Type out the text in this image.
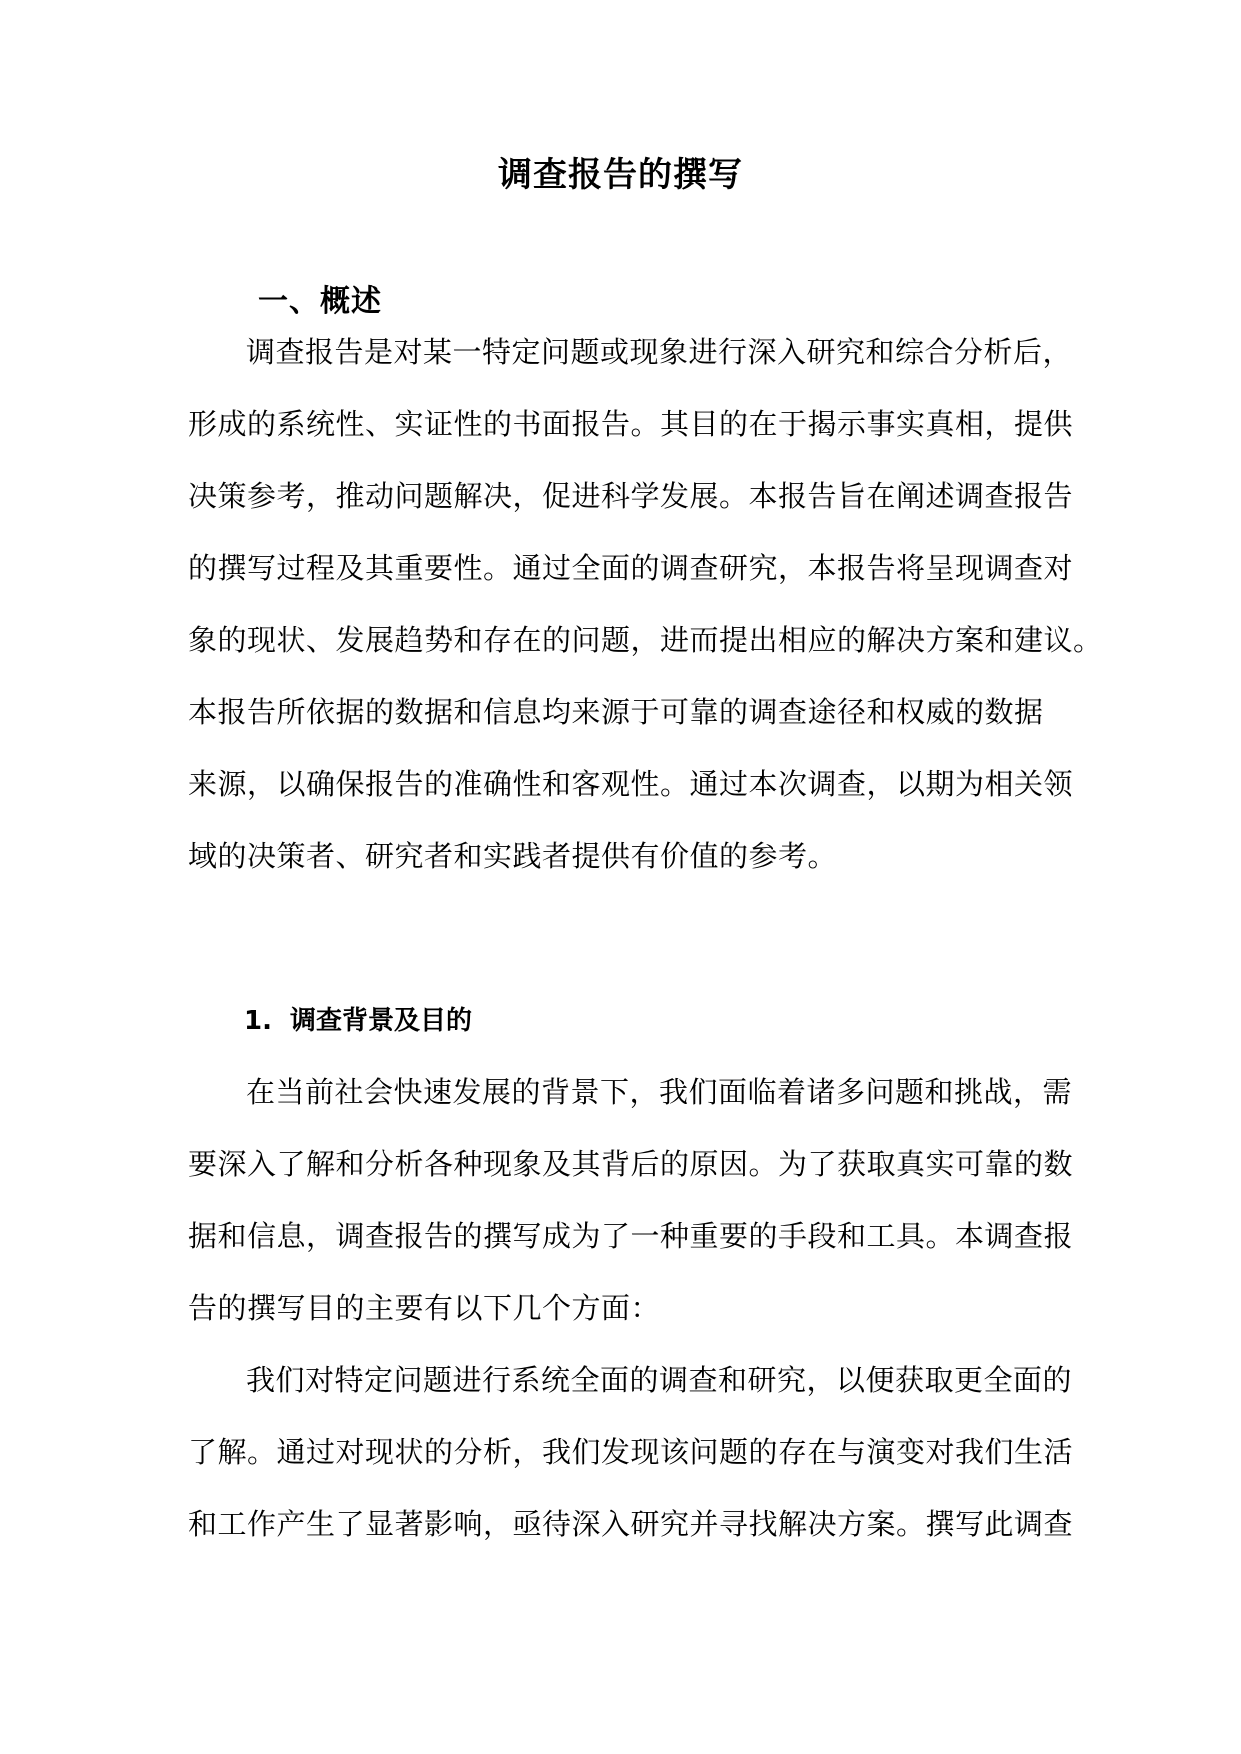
调查报告的撰写
一、概述
调查报告是对某一特定问题或现象进行深入研究和综合分析后，
形成的系统性、实证性的书面报告。其目的在于揭示事实真相，提供
决策参考，推动问题解决，促进科学发展。本报告旨在阐述调查报告
的撰写过程及其重要性。通过全面的调查研究，本报告将呈现调查对
象的现状、发展趋势和存在的问题，进而提出相应的解决方案和建议。
本报告所依据的数据和信息均来源于可靠的调查途径和权威的数据
来源，以确保报告的准确性和客观性。通过本次调查，以期为相关领
域的决策者、研究者和实践者提供有价值的参考。
1. 调查背景及目的
在当前社会快速发展的背景下，我们面临着诸多问题和挑战，需
要深入了解和分析各种现象及其背后的原因。为了获取真实可靠的数
据和信息，调查报告的撰写成为了一种重要的手段和工具。本调查报
告的撰写目的主要有以下几个方面：
我们对特定问题进行系统全面的调查和研究，以便获取更全面的
了解。通过对现状的分析，我们发现该问题的存在与演变对我们生活
和工作产生了显著影响，亟待深入研究并寻找解决方案。撰写此调查
